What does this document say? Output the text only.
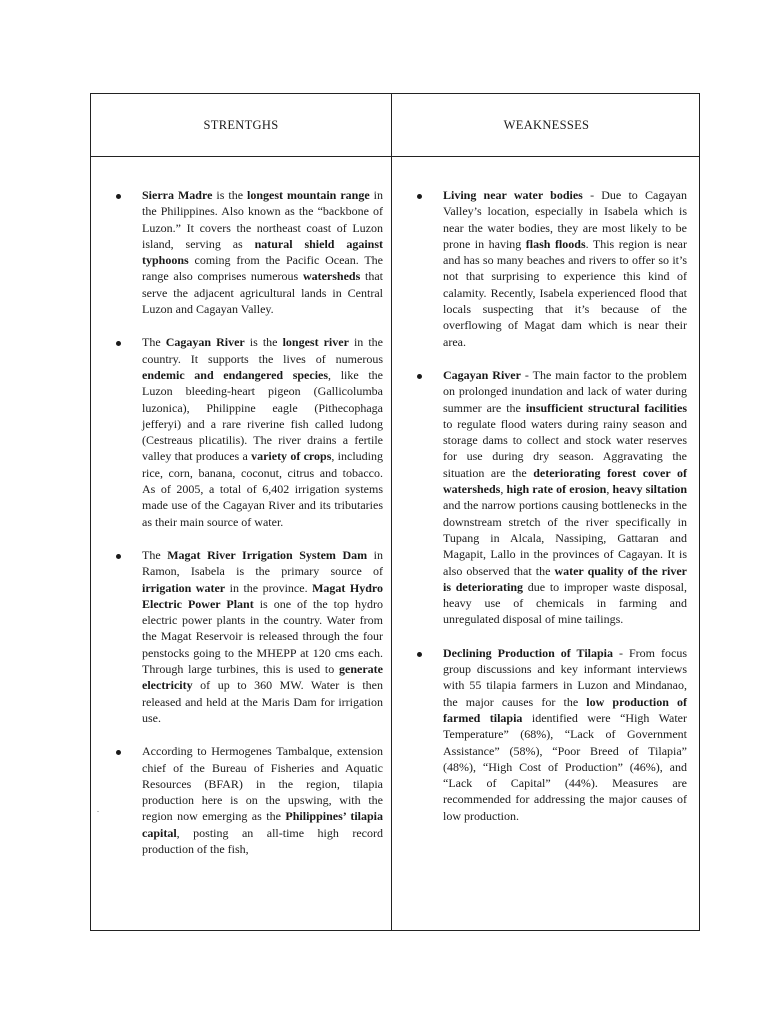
STRENTGHS	WEAKNESSES
Sierra Madre is the longest mountain range in the Philippines. Also known as the “backbone of Luzon.” It covers the northeast coast of Luzon island, serving as natural shield against typhoons coming from the Pacific Ocean. The range also comprises numerous watersheds that serve the adjacent agricultural lands in Central Luzon and Cagayan Valley.
The Cagayan River is the longest river in the country. It supports the lives of numerous endemic and endangered species, like the Luzon bleeding-heart pigeon (Gallicolumba luzonica), Philippine eagle (Pithecophaga jefferyi) and a rare riverine fish called ludong (Cestreaus plicatilis). The river drains a fertile valley that produces a variety of crops, including rice, corn, banana, coconut, citrus and tobacco. As of 2005, a total of 6,402 irrigation systems made use of the Cagayan River and its tributaries as their main source of water.
The Magat River Irrigation System Dam in Ramon, Isabela is the primary source of irrigation water in the province. Magat Hydro Electric Power Plant is one of the top hydro electric power plants in the country. Water from the Magat Reservoir is released through the four penstocks going to the MHEPP at 120 cms each. Through large turbines, this is used to generate electricity of up to 360 MW. Water is then released and held at the Maris Dam for irrigation use.
According to Hermogenes Tambalque, extension chief of the Bureau of Fisheries and Aquatic Resources (BFAR) in the region, tilapia production here is on the upswing, with the region now emerging as the Philippines’ tilapia capital, posting an all-time high record production of the fish,
Living near water bodies - Due to Cagayan Valley’s location, especially in Isabela which is near the water bodies, they are most likely to be prone in having flash floods. This region is near and has so many beaches and rivers to offer so it’s not that surprising to experience this kind of calamity. Recently, Isabela experienced flood that locals suspecting that it’s because of the overflowing of Magat dam which is near their area.
Cagayan River - The main factor to the problem on prolonged inundation and lack of water during summer are the insufficient structural facilities to regulate flood waters during rainy season and storage dams to collect and stock water reserves for use during dry season. Aggravating the situation are the deteriorating forest cover of watersheds, high rate of erosion, heavy siltation and the narrow portions causing bottlenecks in the downstream stretch of the river specifically in Tupang in Alcala, Nassiping, Gattaran and Magapit, Lallo in the provinces of Cagayan. It is also observed that the water quality of the river is deteriorating due to improper waste disposal, heavy use of chemicals in farming and unregulated disposal of mine tailings.
Declining Production of Tilapia - From focus group discussions and key informant interviews with 55 tilapia farmers in Luzon and Mindanao, the major causes for the low production of farmed tilapia identified were “High Water Temperature” (68%), “Lack of Government Assistance” (58%), “Poor Breed of Tilapia” (48%), “High Cost of Production” (46%), and “Lack of Capital” (44%). Measures are recommended for addressing the major causes of low production.
.
